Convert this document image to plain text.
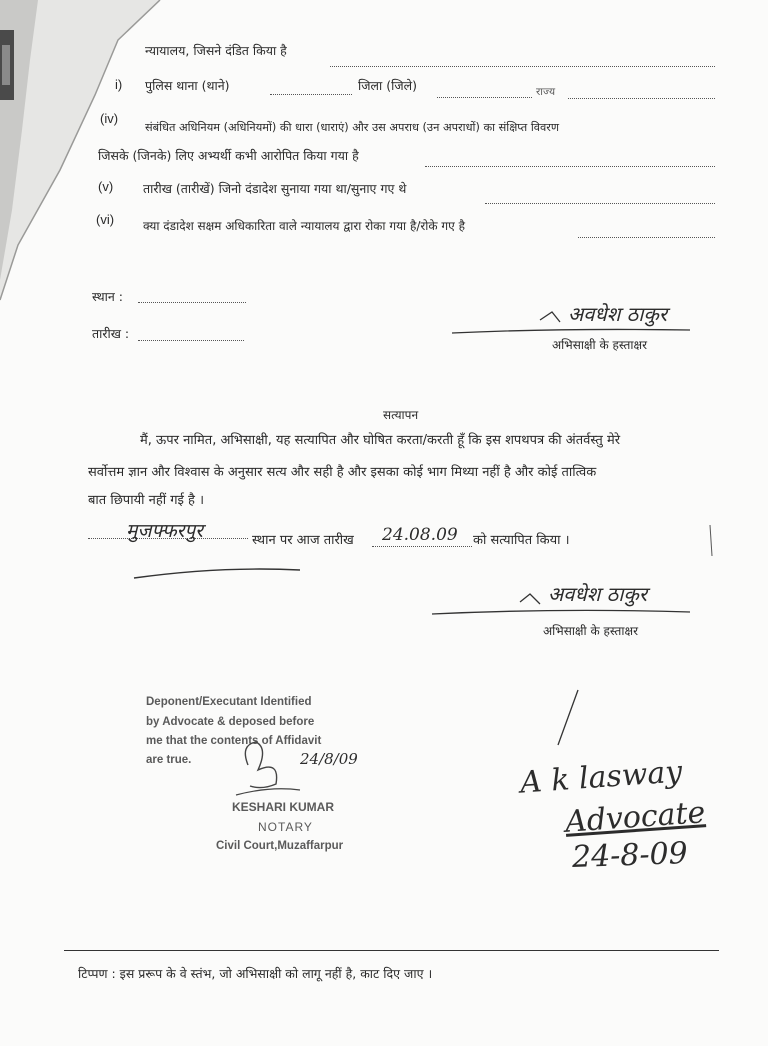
न्यायालय, जिसने दंडित किया है
i) पुलिस थाना (थाने)	जिला (जिले)	राज्य
(iv)
संबंधित अधिनियम (अधिनियमों) की धारा (धाराएं) और उस अपराध (उन अपराधों) का संक्षिप्त विवरण
जिसके (जिनके) लिए अभ्यर्थी कभी आरोपित किया गया है
(v) तारीख (तारीखें) जिनो दंडादेश सुनाया गया था/सुनाए गए थे
(vi) क्या दंडादेश सक्षम अधिकारिता वाले न्यायालय द्वारा रोका गया है/रोके गए है
स्थान :
तारीख :
अवधेश ठाकुर
अभिसाक्षी के हस्ताक्षर
सत्यापन
मैं, ऊपर नामित, अभिसाक्षी, यह सत्यापित और घोषित करता/करती हूँ कि इस शपथपत्र की अंतर्वस्तु मेरे
सर्वोत्तम ज्ञान और विश्वास के अनुसार सत्य और सही है और इसका कोई भाग मिथ्या नहीं है और कोई तात्विक
बात छिपायी नहीं गई है ।
मुजफ्फरपुर	स्थान पर आज तारीख 24.08.09 को सत्यापित किया ।
अवधेश ठाकुर
अभिसाक्षी के हस्ताक्षर
Deponent/Executant Identified
by Advocate & deposed before
me that the contents of Affidavit
are true.	24/8/09
KESHARI KUMAR
NOTARY
Civil Court,Muzaffarpur
A k lasway
Advocate
24-8-09
टिप्पण : इस प्ररूप के वे स्तंभ, जो अभिसाक्षी को लागू नहीं है, काट दिए जाए ।
